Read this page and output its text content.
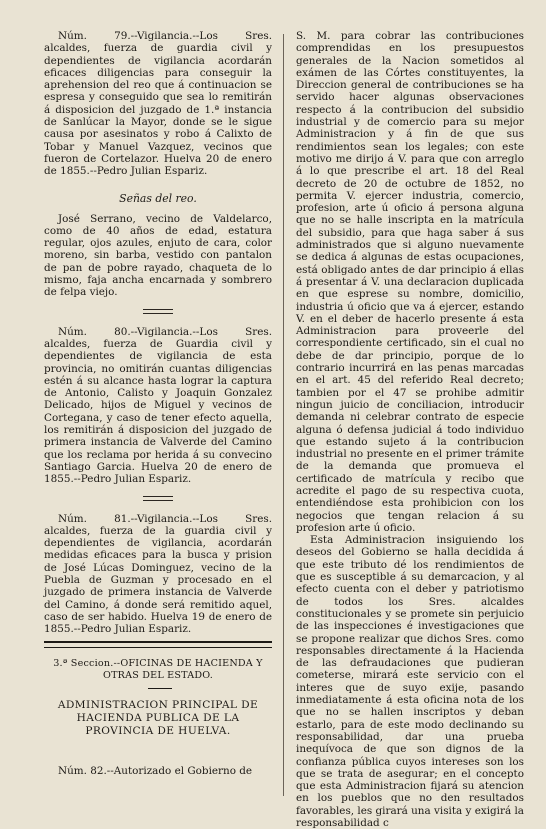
Núm. 79.--Vigilancia.--Los Sres. alcaldes, fuerza de guardia civil y dependientes de vigilancia acordarán eficaces diligencias para conseguir la aprehension del reo que á continuacion se espresa y conseguido que sea lo remitirán á disposicion del juzgado de 1.ª instancia de Sanlúcar la Mayor, donde se le sigue causa por asesinatos y robo á Calixto de Tobar y Manuel Vazquez, vecinos que fueron de Cortelazor. Huelva 20 de enero de 1855.--Pedro Julian Espariz.

Señas del reo.

José Serrano, vecino de Valdelarco, como de 40 años de edad, estatura regular, ojos azules, enjuto de cara, color moreno, sin barba, vestido con pantalon de pan de pobre rayado, chaqueta de lo mismo, faja ancha encarnada y sombrero de felpa viejo.

Núm. 80.--Vigilancia.--Los Sres. alcaldes, fuerza de Guardia civil y dependientes de vigilancia de esta provincia, no omitirán cuantas diligencias estén á su alcance hasta lograr la captura de Antonio, Calisto y Joaquin Gonzalez Delicado, hijos de Miguel y vecinos de Cortegana, y caso de tener efecto aquella, los remitirán á disposicion del juzgado de primera instancia de Valverde del Camino que los reclama por herida á su convecino Santiago Garcia. Huelva 20 de enero de 1855.--Pedro Julian Espariz.

Núm. 81.--Vigilancia.--Los Sres. alcaldes, fuerza de la guardia civil y dependientes de vigilancia, acordarán medidas eficaces para la busca y prision de José Lúcas Dominguez, vecino de la Puebla de Guzman y procesado en el juzgado de primera instancia de Valverde del Camino, á donde será remitido aquel, caso de ser habido. Huelva 19 de enero de 1855.--Pedro Julian Espariz.

3.ª Seccion.--OFICINAS DE HACIENDA Y OTRAS DEL ESTADO.
ADMINISTRACION PRINCIPAL DE HACIENDA PUBLICA DE LA PROVINCIA DE HUELVA.

Núm. 82.--Autorizado el Gobierno de

S. M. para cobrar las contribuciones comprendidas en los presupuestos generales de la Nacion sometidos al exámen de las Córtes constituyentes, la Direccion general de contribuciones se ha servido hacer algunas observaciones respecto á la contribucion del subsidio industrial y de comercio para su mejor Administracion y á fin de que sus rendimientos sean los legales; con este motivo me dirijo á V. para que con arreglo á lo que prescribe el art. 18 del Real decreto de 20 de octubre de 1852, no permita V. ejercer industria, comercio, profesion, arte ú oficio á persona alguna que no se halle inscripta en la matrícula del subsidio, para que haga saber á sus administrados que si alguno nuevamente se dedica á algunas de estas ocupaciones, está obligado antes de dar principio á ellas á presentar á V. una declaracion duplicada en que esprese su nombre, domicilio, industria ú oficio que va á ejercer, estando V. en el deber de hacerlo presente á esta Administracion para proveerle del correspondiente certificado, sin el cual no debe de dar principio, porque de lo contrario incurrirá en las penas marcadas en el art. 45 del referido Real decreto; tambien por el 47 se prohibe admitir ningun juicio de conciliacion, introducir demanda ni celebrar contrato de especie alguna ó defensa judicial á todo individuo que estando sujeto á la contribucion industrial no presente en el primer trámite de la demanda que promueva el certificado de matrícula y recibo que acredite el pago de su respectiva cuota, entendiéndose esta prohibicion con los negocios que tengan relacion á su profesion arte ú oficio.

Esta Administracion insiguiendo los deseos del Gobierno se halla decidida á que este tributo dé los rendimientos de que es susceptible á su demarcacion, y al efecto cuenta con el deber y patriotismo de todos los Sres. alcaldes constitucionales y se promete sin perjuicio de las inspecciones é investigaciones que se propone realizar que dichos Sres. como responsables directamente á la Hacienda de las defraudaciones que pudieran cometerse, mirará este servicio con el interes que de suyo exije, pasando inmediatamente á esta oficina nota de los que no se hallen inscriptos y deban estarlo, para de este modo declinando su responsabilidad, dar una prueba inequívoca de que son dignos de la confianza pública cuyos intereses son los que se trata de asegurar; en el concepto que esta Administracion fijará su atencion en los pueblos que no den resultados favorables, les girará una visita y exigirá la responsabilidad c
